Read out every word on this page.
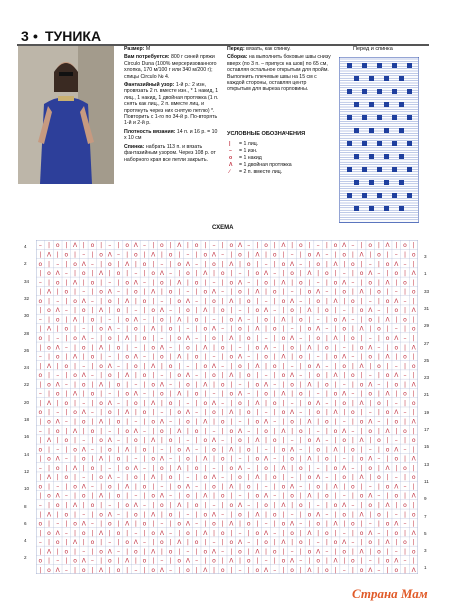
3 • ТУНИКА

Размер: M

Вам потребуется: 800 г синей пряжи Circulo Duna (100% мерсеризованного хлопка, 170 м/100 г или 340 м/200 г); спицы Circulo № 4.

Фантазийный узор: 1-й р.: 2 изн, провязать 2 п. вместе изн., * 1 накид, 1 лиц., 1 накид, 1 двойная протяжка (1 п. снять как лиц., 2 п. вместе лиц. и протянуть через них снятую петлю) *. Повторить с 1-го по 34-й р. По-вторять 1-й и 2-й р.

Плотность вязания: 14 п. и 16 р. = 10 x 10 см

Спинка: набрать 113 п. и вязать фантазийным узором. Через 108 р. от наборного края все петли закрыть.

Перед: вязать, как спинку.

Сборка: на выполнить боковые швы снизу вверх (по 3 п. – припуск на шов) по 65 см, оставляя остальное открытым для пройм. Выполнить плечевые швы на 15 см с каждой стороны, оставляя центр открытым для выреза горловины.

УСЛОВНЫЕ ОБОЗНАЧЕНИЯ
| = 1 лиц.
– = 1 изн.
o = 1 накид
Λ = 1 двойная протяжка
∕ = 2 п. вместе лиц.
Перед и спинка
СХЕМА
– | o | Λ | o | – | o Λ – | o | Λ | o | – | o Λ – | o | Λ | o | – | o Λ – | o | Λ | o |
| Λ | o | – | o Λ – | o | Λ | o | – | o Λ – | o | Λ | o | – | o Λ – | o | Λ | o | – | o
o | – | o Λ – | o | Λ | o | – | o Λ – | o | Λ | o | – | o Λ – | o | Λ | o | – | o Λ – |
| o Λ – | o | Λ | o | – | o Λ – | o | Λ | o | – | o Λ – | o | Λ | o | – | o Λ – | o | Λ
– | o | Λ | o | – | o Λ – | o | Λ | o | – | o Λ – | o | Λ | o | – | o Λ – | o | Λ | o |
| Λ | o | – | o Λ – | o | Λ | o | – | o Λ – | o | Λ | o | – | o Λ – | o | Λ | o | – | o
o | – | o Λ – | o | Λ | o | – | o Λ – | o | Λ | o | – | o Λ – | o | Λ | o | – | o Λ – |
| o Λ – | o | Λ | o | – | o Λ – | o | Λ | o | – | o Λ – | o | Λ | o | – | o Λ – | o | Λ
– | o | Λ | o | – | o Λ – | o | Λ | o | – | o Λ – | o | Λ | o | – | o Λ – | o | Λ | o |
| Λ | o | – | o Λ – | o | Λ | o | – | o Λ – | o | Λ | o | – | o Λ – | o | Λ | o | – | o
o | – | o Λ – | o | Λ | o | – | o Λ – | o | Λ | o | – | o Λ – | o | Λ | o | – | o Λ – |
| o Λ – | o | Λ | o | – | o Λ – | o | Λ | o | – | o Λ – | o | Λ | o | – | o Λ – | o | Λ
– | o | Λ | o | – | o Λ – | o | Λ | o | – | o Λ – | o | Λ | o | – | o Λ – | o | Λ | o |
| Λ | o | – | o Λ – | o | Λ | o | – | o Λ – | o | Λ | o | – | o Λ – | o | Λ | o | – | o
o | – | o Λ – | o | Λ | o | – | o Λ – | o | Λ | o | – | o Λ – | o | Λ | o | – | o Λ – |
| o Λ – | o | Λ | o | – | o Λ – | o | Λ | o | – | o Λ – | o | Λ | o | – | o Λ – | o | Λ
– | o | Λ | o | – | o Λ – | o | Λ | o | – | o Λ – | o | Λ | o | – | o Λ – | o | Λ | o |
| Λ | o | – | o Λ – | o | Λ | o | – | o Λ – | o | Λ | o | – | o Λ – | o | Λ | o | – | o
o | – | o Λ – | o | Λ | o | – | o Λ – | o | Λ | o | – | o Λ – | o | Λ | o | – | o Λ – |
| o Λ – | o | Λ | o | – | o Λ – | o | Λ | o | – | o Λ – | o | Λ | o | – | o Λ – | o | Λ
– | o | Λ | o | – | o Λ – | o | Λ | o | – | o Λ – | o | Λ | o | – | o Λ – | o | Λ | o |
| Λ | o | – | o Λ – | o | Λ | o | – | o Λ – | o | Λ | o | – | o Λ – | o | Λ | o | – | o
o | – | o Λ – | o | Λ | o | – | o Λ – | o | Λ | o | – | o Λ – | o | Λ | o | – | o Λ – |
| o Λ – | o | Λ | o | – | o Λ – | o | Λ | o | – | o Λ – | o | Λ | o | – | o Λ – | o | Λ
– | o | Λ | o | – | o Λ – | o | Λ | o | – | o Λ – | o | Λ | o | – | o Λ – | o | Λ | o |
| Λ | o | – | o Λ – | o | Λ | o | – | o Λ – | o | Λ | o | – | o Λ – | o | Λ | o | – | o
o | – | o Λ – | o | Λ | o | – | o Λ – | o | Λ | o | – | o Λ – | o | Λ | o | – | o Λ – |
| o Λ – | o | Λ | o | – | o Λ – | o | Λ | o | – | o Λ – | o | Λ | o | – | o Λ – | o | Λ
– | o | Λ | o | – | o Λ – | o | Λ | o | – | o Λ – | o | Λ | o | – | o Λ – | o | Λ | o |
| Λ | o | – | o Λ – | o | Λ | o | – | o Λ – | o | Λ | o | – | o Λ – | o | Λ | o | – | o
o | – | o Λ – | o | Λ | o | – | o Λ – | o | Λ | o | – | o Λ – | o | Λ | o | – | o Λ – |
| o Λ – | o | Λ | o | – | o Λ – | o | Λ | o | – | o Λ – | o | Λ | o | – | o Λ – | o | Λ
– | o | Λ | o | – | o Λ – | o | Λ | o | – | o Λ – | o | Λ | o | – | o Λ – | o | Λ | o |
| Λ | o | – | o Λ – | o | Λ | o | – | o Λ – | o | Λ | o | – | o Λ – | o | Λ | o | – | o
o | – | o Λ – | o | Λ | o | – | o Λ – | o | Λ | o | – | o Λ – | o | Λ | o | – | o Λ – |
| o Λ – | o | Λ | o | – | o Λ – | o | Λ | o | – | o Λ – | o | Λ | o | – | o Λ – | o | Λ
4
2
34
32
30
28
26
24
22
20
18
16
14
12
10
8
6
4
2
3
1
33
31
29
27
25
23
21
19
17
15
13
11
9
7
5
3
1
Страна Мам
